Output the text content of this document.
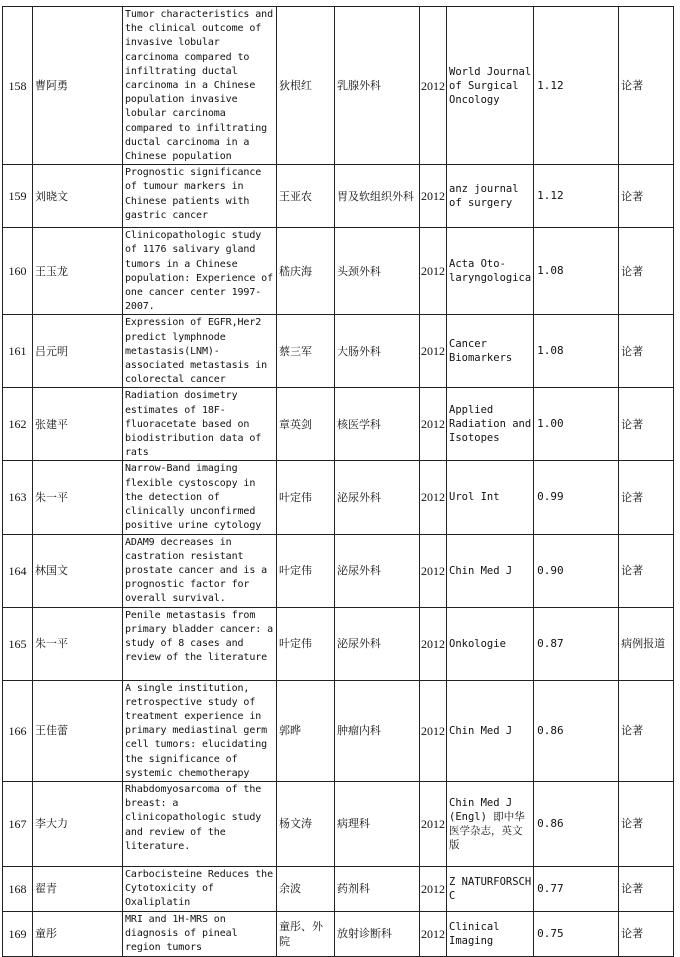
158	曹阿勇	Tumor characteristics and the clinical outcome of invasive lobular carcinoma compared to infiltrating ductal carcinoma in a Chinese population invasive lobular carcinoma compared to infiltrating ductal carcinoma in a Chinese population	狄根红	乳腺外科	2012	World Journal of Surgical Oncology	1.12	论著
159	刘晓文	Prognostic significance of tumour markers in Chinese patients with gastric cancer	王亚农	胃及软组织外科	2012	anz journal of surgery	1.12	论著
160	王玉龙	Clinicopathologic study of 1176 salivary gland tumors in a Chinese population: Experience of one cancer center 1997-2007.	嵇庆海	头颈外科	2012	Acta Oto-laryngologica	1.08	论著
161	吕元明	Expression of EGFR,Her2 predict lymphnode metastasis(LNM)-associated metastasis in colorectal cancer	蔡三军	大肠外科	2012	Cancer Biomarkers	1.08	论著
162	张建平	Radiation dosimetry estimates of 18F-fluoracetate based on biodistribution data of rats	章英剑	核医学科	2012	Applied Radiation and Isotopes	1.00	论著
163	朱一平	Narrow-Band imaging flexible cystoscopy in the detection of clinically unconfirmed positive urine cytology	叶定伟	泌尿外科	2012	Urol Int	0.99	论著
164	林国文	ADAM9 decreases in castration resistant prostate cancer and is a prognostic factor for overall survival.	叶定伟	泌尿外科	2012	Chin Med J	0.90	论著
165	朱一平	Penile metastasis from primary bladder cancer: a study of 8 cases and review of the literature	叶定伟	泌尿外科	2012	Onkologie	0.87	病例报道
166	王佳蕾	A single institution, retrospective study of treatment experience in primary mediastinal germ cell tumors: elucidating the significance of systemic chemotherapy	郭晔	肿瘤内科	2012	Chin Med J	0.86	论著
167	李大力	Rhabdomyosarcoma of the breast: a clinicopathologic study and review of the literature.	杨文涛	病理科	2012	Chin Med J (Engl) 即中华医学杂志，英文版	0.86	论著
168	翟青	Carbocisteine Reduces the Cytotoxicity of Oxaliplatin	余波	药剂科	2012	Z NATURFORSCH C	0.77	论著
169	童彤	MRI and 1H-MRS on diagnosis of pineal region tumors	童彤、外院	放射诊断科	2012	Clinical Imaging	0.75	论著
